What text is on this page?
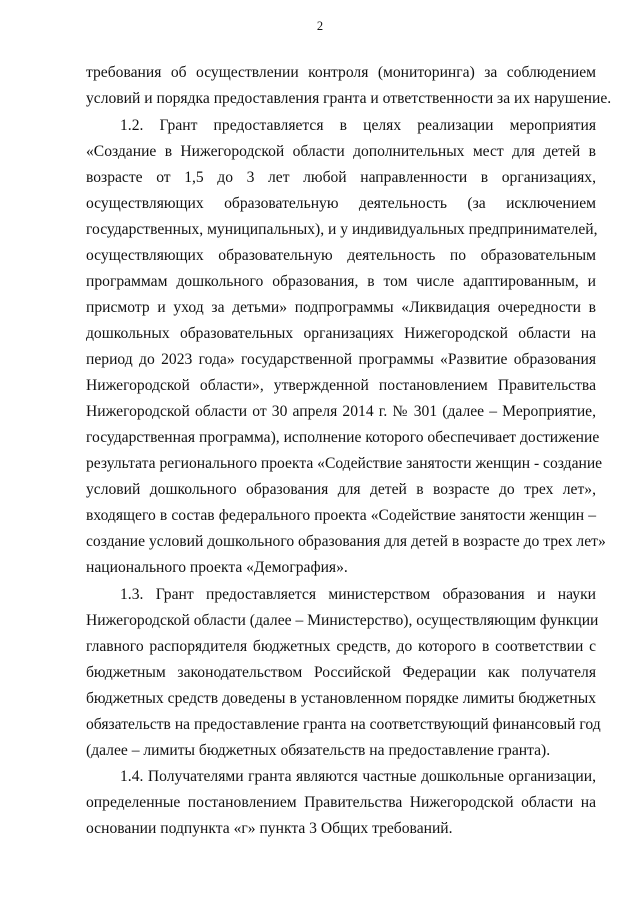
2
требования об осуществлении контроля (мониторинга) за соблюдением
условий и порядка предоставления гранта и ответственности за их нарушение.
1.2. Грант предоставляется в целях реализации мероприятия
«Создание в Нижегородской области дополнительных мест для детей в
возрасте от 1,5 до 3 лет любой направленности в организациях,
осуществляющих образовательную деятельность (за исключением
государственных, муниципальных), и у индивидуальных предпринимателей,
осуществляющих образовательную деятельность по образовательным
программам дошкольного образования, в том числе адаптированным, и
присмотр и уход за детьми» подпрограммы «Ликвидация очередности в
дошкольных образовательных организациях Нижегородской области на
период до 2023 года» государственной программы «Развитие образования
Нижегородской области», утвержденной постановлением Правительства
Нижегородской области от 30 апреля 2014 г. № 301 (далее – Мероприятие,
государственная программа), исполнение которого обеспечивает достижение
результата регионального проекта «Содействие занятости женщин - создание
условий дошкольного образования для детей в возрасте до трех лет»,
входящего в состав федерального проекта «Содействие занятости женщин –
создание условий дошкольного образования для детей в возрасте до трех лет»
национального проекта «Демография».
1.3. Грант предоставляется министерством образования и науки
Нижегородской области (далее – Министерство), осуществляющим функции
главного распорядителя бюджетных средств, до которого в соответствии с
бюджетным законодательством Российской Федерации как получателя
бюджетных средств доведены в установленном порядке лимиты бюджетных
обязательств на предоставление гранта на соответствующий финансовый год
(далее – лимиты бюджетных обязательств на предоставление гранта).
1.4. Получателями гранта являются частные дошкольные организации,
определенные постановлением Правительства Нижегородской области на
основании подпункта «г» пункта 3 Общих требований.
